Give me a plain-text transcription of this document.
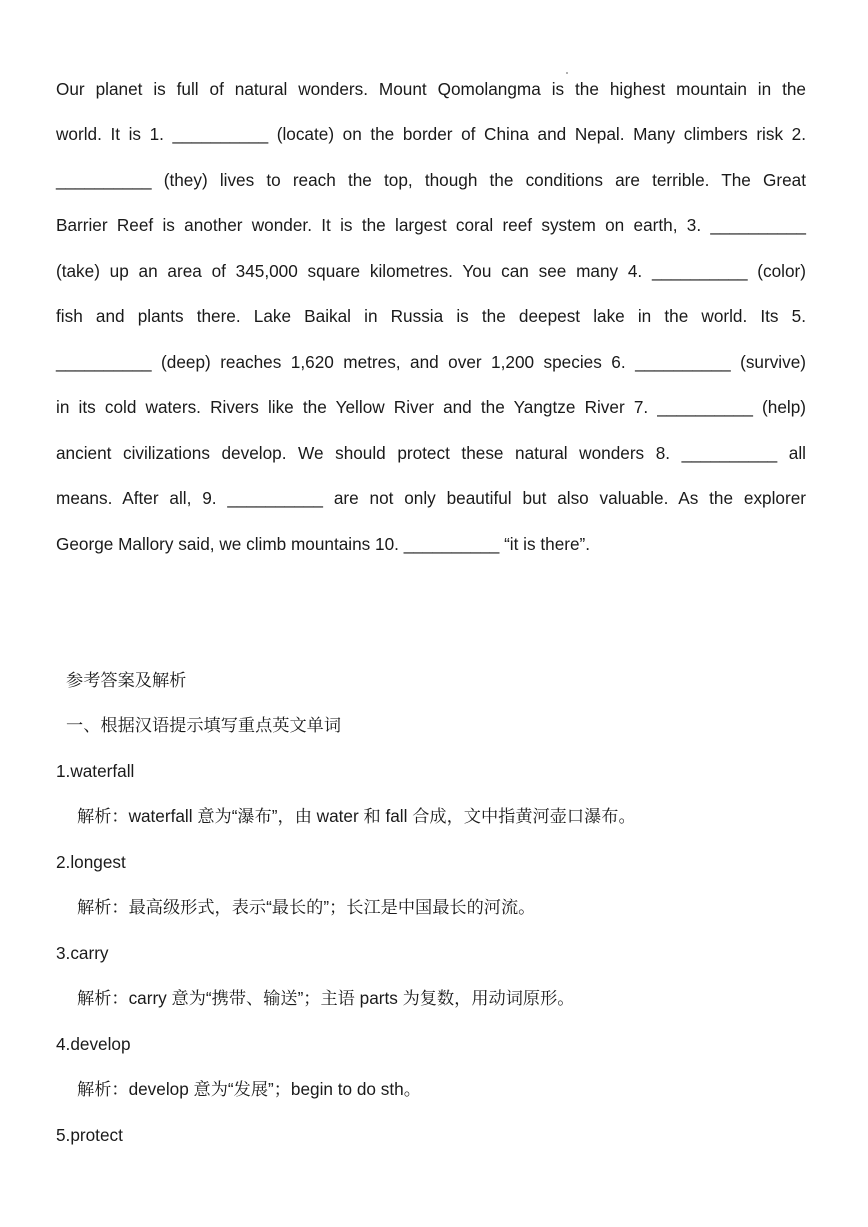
Our planet is full of natural wonders. Mount Qomolangma is the highest mountain in the
world. It is 1. __________ (locate) on the border of China and Nepal. Many climbers risk 2.
__________ (they) lives to reach the top, though the conditions are terrible. The Great
Barrier Reef is another wonder. It is the largest coral reef system on earth, 3. __________
(take) up an area of 345,000 square kilometres. You can see many 4. __________ (color)
fish and plants there. Lake Baikal in Russia is the deepest lake in the world. Its 5.
__________ (deep) reaches 1,620 metres, and over 1,200 species 6. __________ (survive)
in its cold waters. Rivers like the Yellow River and the Yangtze River 7. __________ (help)
ancient civilizations develop. We should protect these natural wonders 8. __________ all
means. After all, 9. __________ are not only beautiful but also valuable. As the explorer
George Mallory said, we climb mountains 10. __________ “it is there”.
参考答案及解析
一、根据汉语提示填写重点英文单词
1.waterfall
解析：waterfall 意为“瀑布”，由 water 和 fall 合成，文中指黄河壶口瀑布。
2.longest
解析：最高级形式，表示“最长的”；长江是中国最长的河流。
3.carry
解析：carry 意为“携带、输送”；主语 parts 为复数，用动词原形。
4.develop
解析：develop 意为“发展”；begin to do sth。
5.protect
